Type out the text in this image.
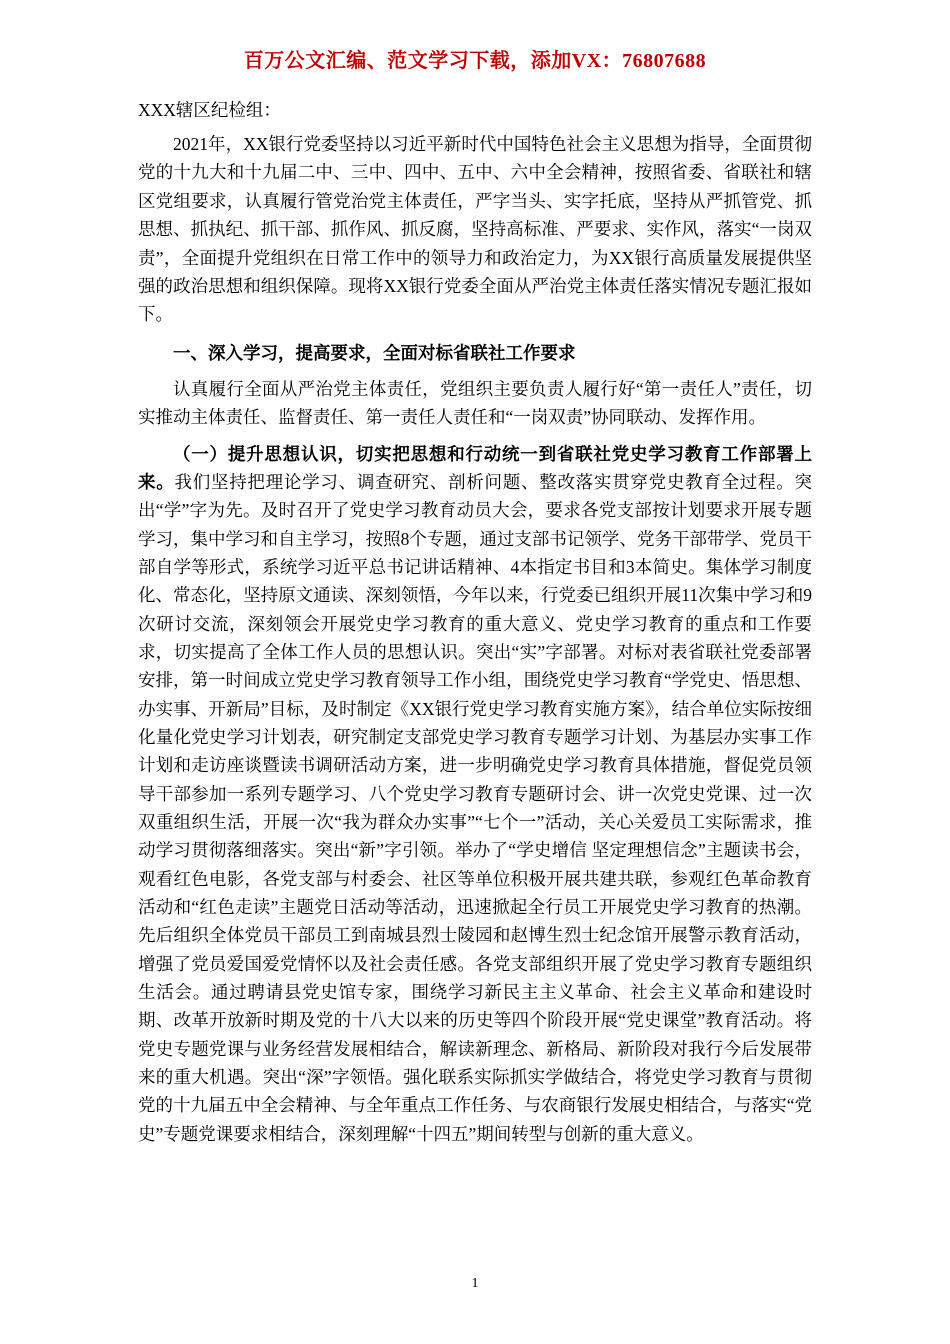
百万公文汇编、范文学习下载，添加VX：76807688
XXX辖区纪检组：

2021年，XX银行党委坚持以习近平新时代中国特色社会主义思想为指导，全面贯彻党的十九大和十九届二中、三中、四中、五中、六中全会精神，按照省委、省联社和辖区党组要求，认真履行管党治党主体责任，严字当头、实字托底，坚持从严抓管党、抓思想、抓执纪、抓干部、抓作风、抓反腐，坚持高标准、严要求、实作风，落实“一岗双责”，全面提升党组织在日常工作中的领导力和政治定力，为XX银行高质量发展提供坚强的政治思想和组织保障。现将XX银行党委全面从严治党主体责任落实情况专题汇报如下。

一、深入学习，提高要求，全面对标省联社工作要求

认真履行全面从严治党主体责任，党组织主要负责人履行好“第一责任人”责任，切实推动主体责任、监督责任、第一责任人责任和“一岗双责”协同联动、发挥作用。

（一）提升思想认识，切实把思想和行动统一到省联社党史学习教育工作部署上来。我们坚持把理论学习、调查研究、剖析问题、整改落实贯穿党史教育全过程。突出“学”字为先。及时召开了党史学习教育动员大会，要求各党支部按计划要求开展专题学习，集中学习和自主学习，按照8个专题，通过支部书记领学、党务干部带学、党员干部自学等形式，系统学习近平总书记讲话精神、4本指定书目和3本简史。集体学习制度化、常态化，坚持原文通读、深刻领悟，今年以来，行党委已组织开展11次集中学习和9次研讨交流，深刻领会开展党史学习教育的重大意义、党史学习教育的重点和工作要求，切实提高了全体工作人员的思想认识。突出“实”字部署。对标对表省联社党委部署安排，第一时间成立党史学习教育领导工作小组，围绕党史学习教育“学党史、悟思想、办实事、开新局”目标，及时制定《XX银行党史学习教育实施方案》，结合单位实际按细化量化党史学习计划表，研究制定支部党史学习教育专题学习计划、为基层办实事工作计划和走访座谈暨读书调研活动方案，进一步明确党史学习教育具体措施，督促党员领导干部参加一系列专题学习、八个党史学习教育专题研讨会、讲一次党史党课、过一次双重组织生活，开展一次“我为群众办实事”“七个一”活动，关心关爱员工实际需求，推动学习贯彻落细落实。突出“新”字引领。举办了“学史增信 坚定理想信念”主题读书会，观看红色电影，各党支部与村委会、社区等单位积极开展共建共联，参观红色革命教育活动和“红色走读”主题党日活动等活动，迅速掀起全行员工开展党史学习教育的热潮。先后组织全体党员干部员工到南城县烈士陵园和赵博生烈士纪念馆开展警示教育活动，增强了党员爱国爱党情怀以及社会责任感。各党支部组织开展了党史学习教育专题组织生活会。通过聘请县党史馆专家，围绕学习新民主主义革命、社会主义革命和建设时期、改革开放新时期及党的十八大以来的历史等四个阶段开展“党史课堂”教育活动。将党史专题党课与业务经营发展相结合，解读新理念、新格局、新阶段对我行今后发展带来的重大机遇。突出“深”字领悟。强化联系实际抓实学做结合，将党史学习教育与贯彻党的十九届五中全会精神、与全年重点工作任务、与农商银行发展史相结合，与落实“党史”专题党课要求相结合，深刻理解“十四五”期间转型与创新的重大意义。

1
